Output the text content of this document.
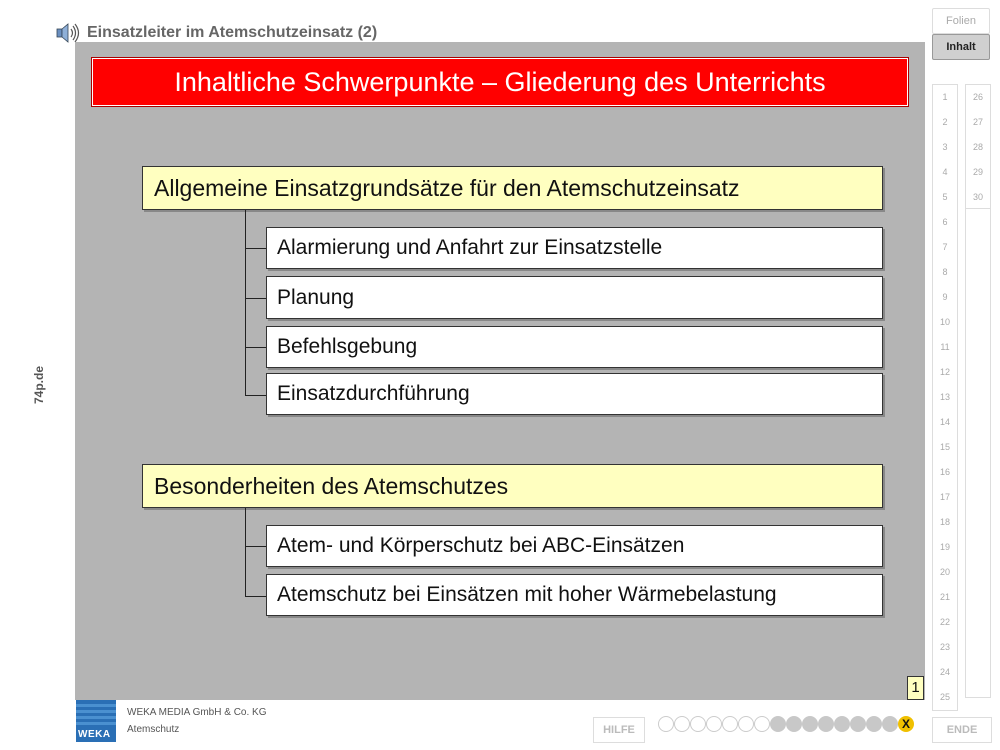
Einsatzleiter im Atemschutzeinsatz (2)
74p.de
Inhaltliche Schwerpunkte – Gliederung des Unterrichts
Allgemeine Einsatzgrundsätze für den Atemschutzeinsatz
Alarmierung und Anfahrt zur Einsatzstelle
Planung
Befehlsgebung
Einsatzdurchführung
Besonderheiten des Atemschutzes
Atem- und Körperschutz bei ABC-Einsätzen
Atemschutz bei Einsätzen mit hoher Wärmebelastung
1
Folien
Inhalt
1
2
3
4
5
6
7
8
9
10
11
12
13
14
15
16
17
18
19
20
21
22
23
24
25
26
27
28
29
30
WEKA
WEKA MEDIA GmbH & Co. KG
Atemschutz	HILFE	X	ENDE
